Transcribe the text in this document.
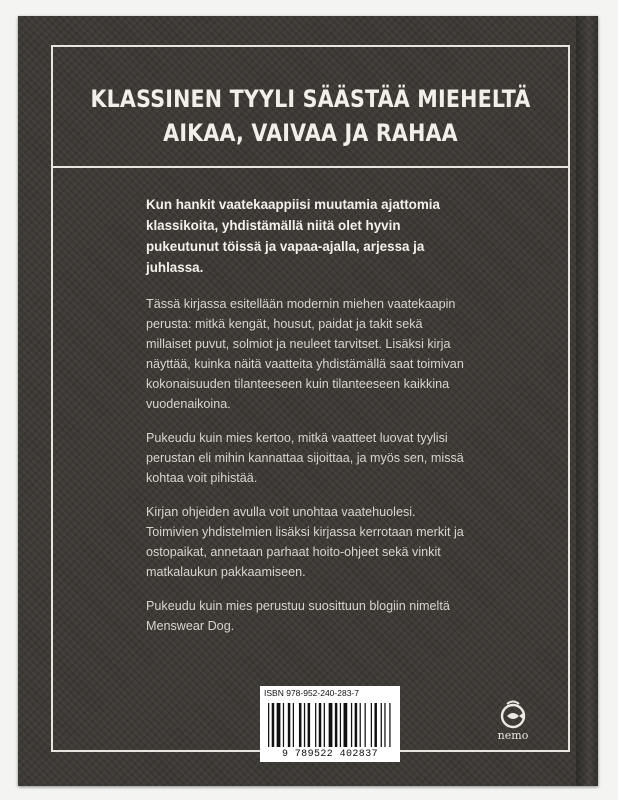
KLASSINEN TYYLI SÄÄSTÄÄ MIEHELTÄ
AIKAA, VAIVAA JA RAHAA

Kun hankit vaatekaappiisi muutamia ajattomia klassikoita, yhdistämällä niitä olet hyvin pukeutunut töissä ja vapaa-ajalla, arjessa ja juhlassa.

Tässä kirjassa esitellään modernin miehen vaatekaapin perusta: mitkä kengät, housut, paidat ja takit sekä millaiset puvut, solmiot ja neuleet tarvitset. Lisäksi kirja näyttää, kuinka näitä vaatteita yhdistämällä saat toimivan kokonaisuuden tilanteeseen kuin tilanteeseen kaikkina vuodenaikoina.

Pukeudu kuin mies kertoo, mitkä vaatteet luovat tyylisi perustan eli mihin kannattaa sijoittaa, ja myös sen, missä kohtaa voit pihistää.

Kirjan ohjeiden avulla voit unohtaa vaatehuolesi. Toimivien yhdistelmien lisäksi kirjassa kerrotaan merkit ja ostopaikat, annetaan parhaat hoito-ohjeet sekä vinkit matkalaukun pakkaamiseen.

Pukeudu kuin mies perustuu suosittuun blogiin nimeltä Menswear Dog.

ISBN 978-952-240-283-7
9 789522 402837
nemo
